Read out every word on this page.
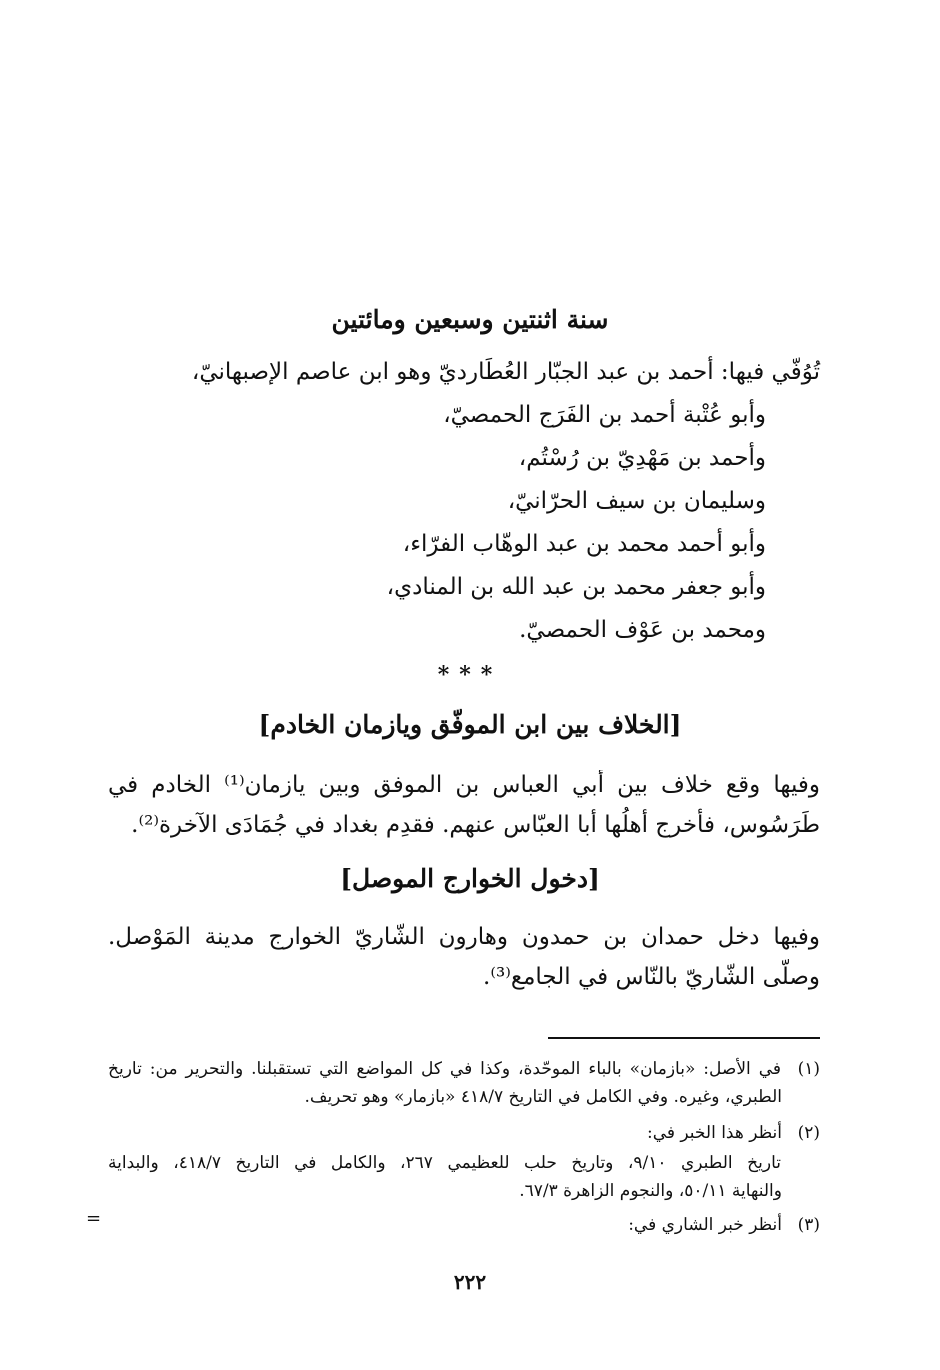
سنة اثنتين وسبعين ومائتين
تُوُفّي فيها: أحمد بن عبد الجبّار العُطَارديّ وهو ابن عاصم الإصبهانيّ،
وأبو عُتْبة أحمد بن الفَرَج الحمصيّ،
وأحمد بن مَهْدِيّ بن رُسْتُم،
وسليمان بن سيف الحرّانيّ،
وأبو أحمد محمد بن عبد الوهّاب الفرّاء،
وأبو جعفر محمد بن عبد الله بن المنادي،
ومحمد بن عَوْف الحمصيّ.
***
[الخلاف بين ابن الموفّق ويازمان الخادم]
وفيها وقع خلاف بين أبي العباس بن الموفق وبين يازمان⁽¹⁾ الخادم في
طَرَسُوس، فأخرج أهلُها أبا العبّاس عنهم. فقدِم بغداد في جُمَادَى الآخرة⁽²⁾.
[دخول الخوارج الموصل]
وفيها دخل حمدان بن حمدون وهارون الشّاريّ الخوارج مدينة المَوْصل.
وصلّى الشّاريّ بالنّاس في الجامع⁽³⁾.
(١)
في الأصل: «بازمان» بالباء الموحّدة، وكذا في كل المواضع التي تستقبلنا. والتحرير من: تاريخ
الطبري، وغيره. وفي الكامل في التاريخ ٤١٨/٧ «بازمار» وهو تحريف.
(٢)
أنظر هذا الخبر في:
تاريخ الطبري ٩/١٠، وتاريخ حلب للعظيمي ٢٦٧، والكامل في التاريخ ٤١٨/٧، والبداية
والنهاية ٥٠/١١، والنجوم الزاهرة ٦٧/٣.
(٣)
أنظر خبر الشاري في:
=
٢٢٢
